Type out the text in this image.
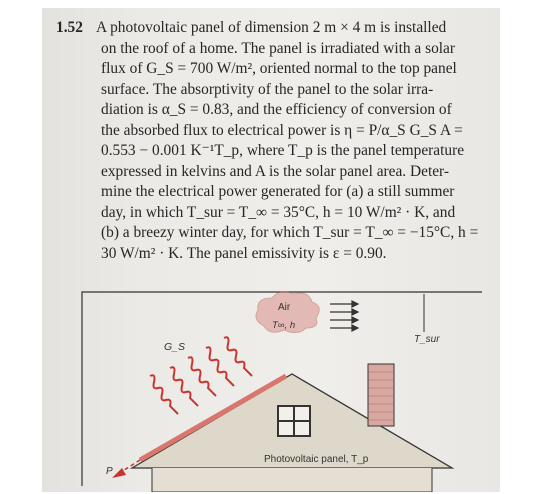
1.52 A photovoltaic panel of dimension 2 m × 4 m is installed
on the roof of a home. The panel is irradiated with a solar
flux of G_S = 700 W/m², oriented normal to the top panel
surface. The absorptivity of the panel to the solar irra-
diation is α_S = 0.83, and the efficiency of conversion of
the absorbed flux to electrical power is η = P/α_S G_S A =
0.553 − 0.001 K⁻¹T_p, where T_p is the panel temperature
expressed in kelvins and A is the solar panel area. Deter-
mine the electrical power generated for (a) a still summer
day, in which T_sur = T_∞ = 35°C, h = 10 W/m² · K, and
(b) a breezy winter day, for which T_sur = T_∞ = −15°C, h =
30 W/m² · K. The panel emissivity is ε = 0.90.
Air
T∞, h
T_sur
G_S
P
Photovoltaic panel, T_p
